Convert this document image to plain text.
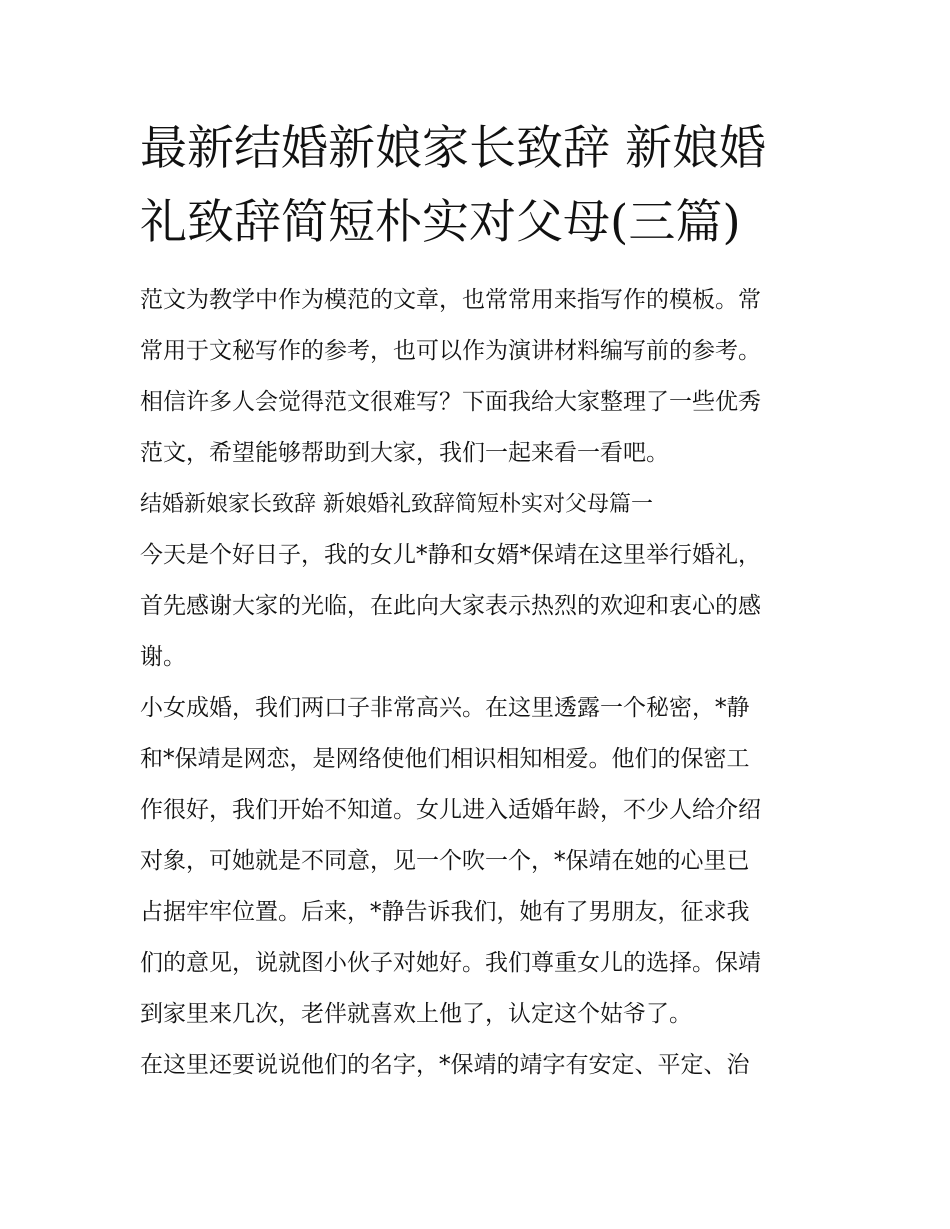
最新结婚新娘家长致辞 新娘婚
礼致辞简短朴实对父母(三篇)
范文为教学中作为模范的文章，也常常用来指写作的模板。常
常用于文秘写作的参考，也可以作为演讲材料编写前的参考。
相信许多人会觉得范文很难写？下面我给大家整理了一些优秀
范文，希望能够帮助到大家，我们一起来看一看吧。
结婚新娘家长致辞 新娘婚礼致辞简短朴实对父母篇一
今天是个好日子，我的女儿*静和女婿*保靖在这里举行婚礼，
首先感谢大家的光临，在此向大家表示热烈的欢迎和衷心的感
谢。
小女成婚，我们两口子非常高兴。在这里透露一个秘密，*静
和*保靖是网恋，是网络使他们相识相知相爱。他们的保密工
作很好，我们开始不知道。女儿进入适婚年龄，不少人给介绍
对象，可她就是不同意，见一个吹一个，*保靖在她的心里已
占据牢牢位置。后来，*静告诉我们，她有了男朋友，征求我
们的意见，说就图小伙子对她好。我们尊重女儿的选择。保靖
到家里来几次，老伴就喜欢上他了，认定这个姑爷了。
在这里还要说说他们的名字，*保靖的靖字有安定、平定、治
